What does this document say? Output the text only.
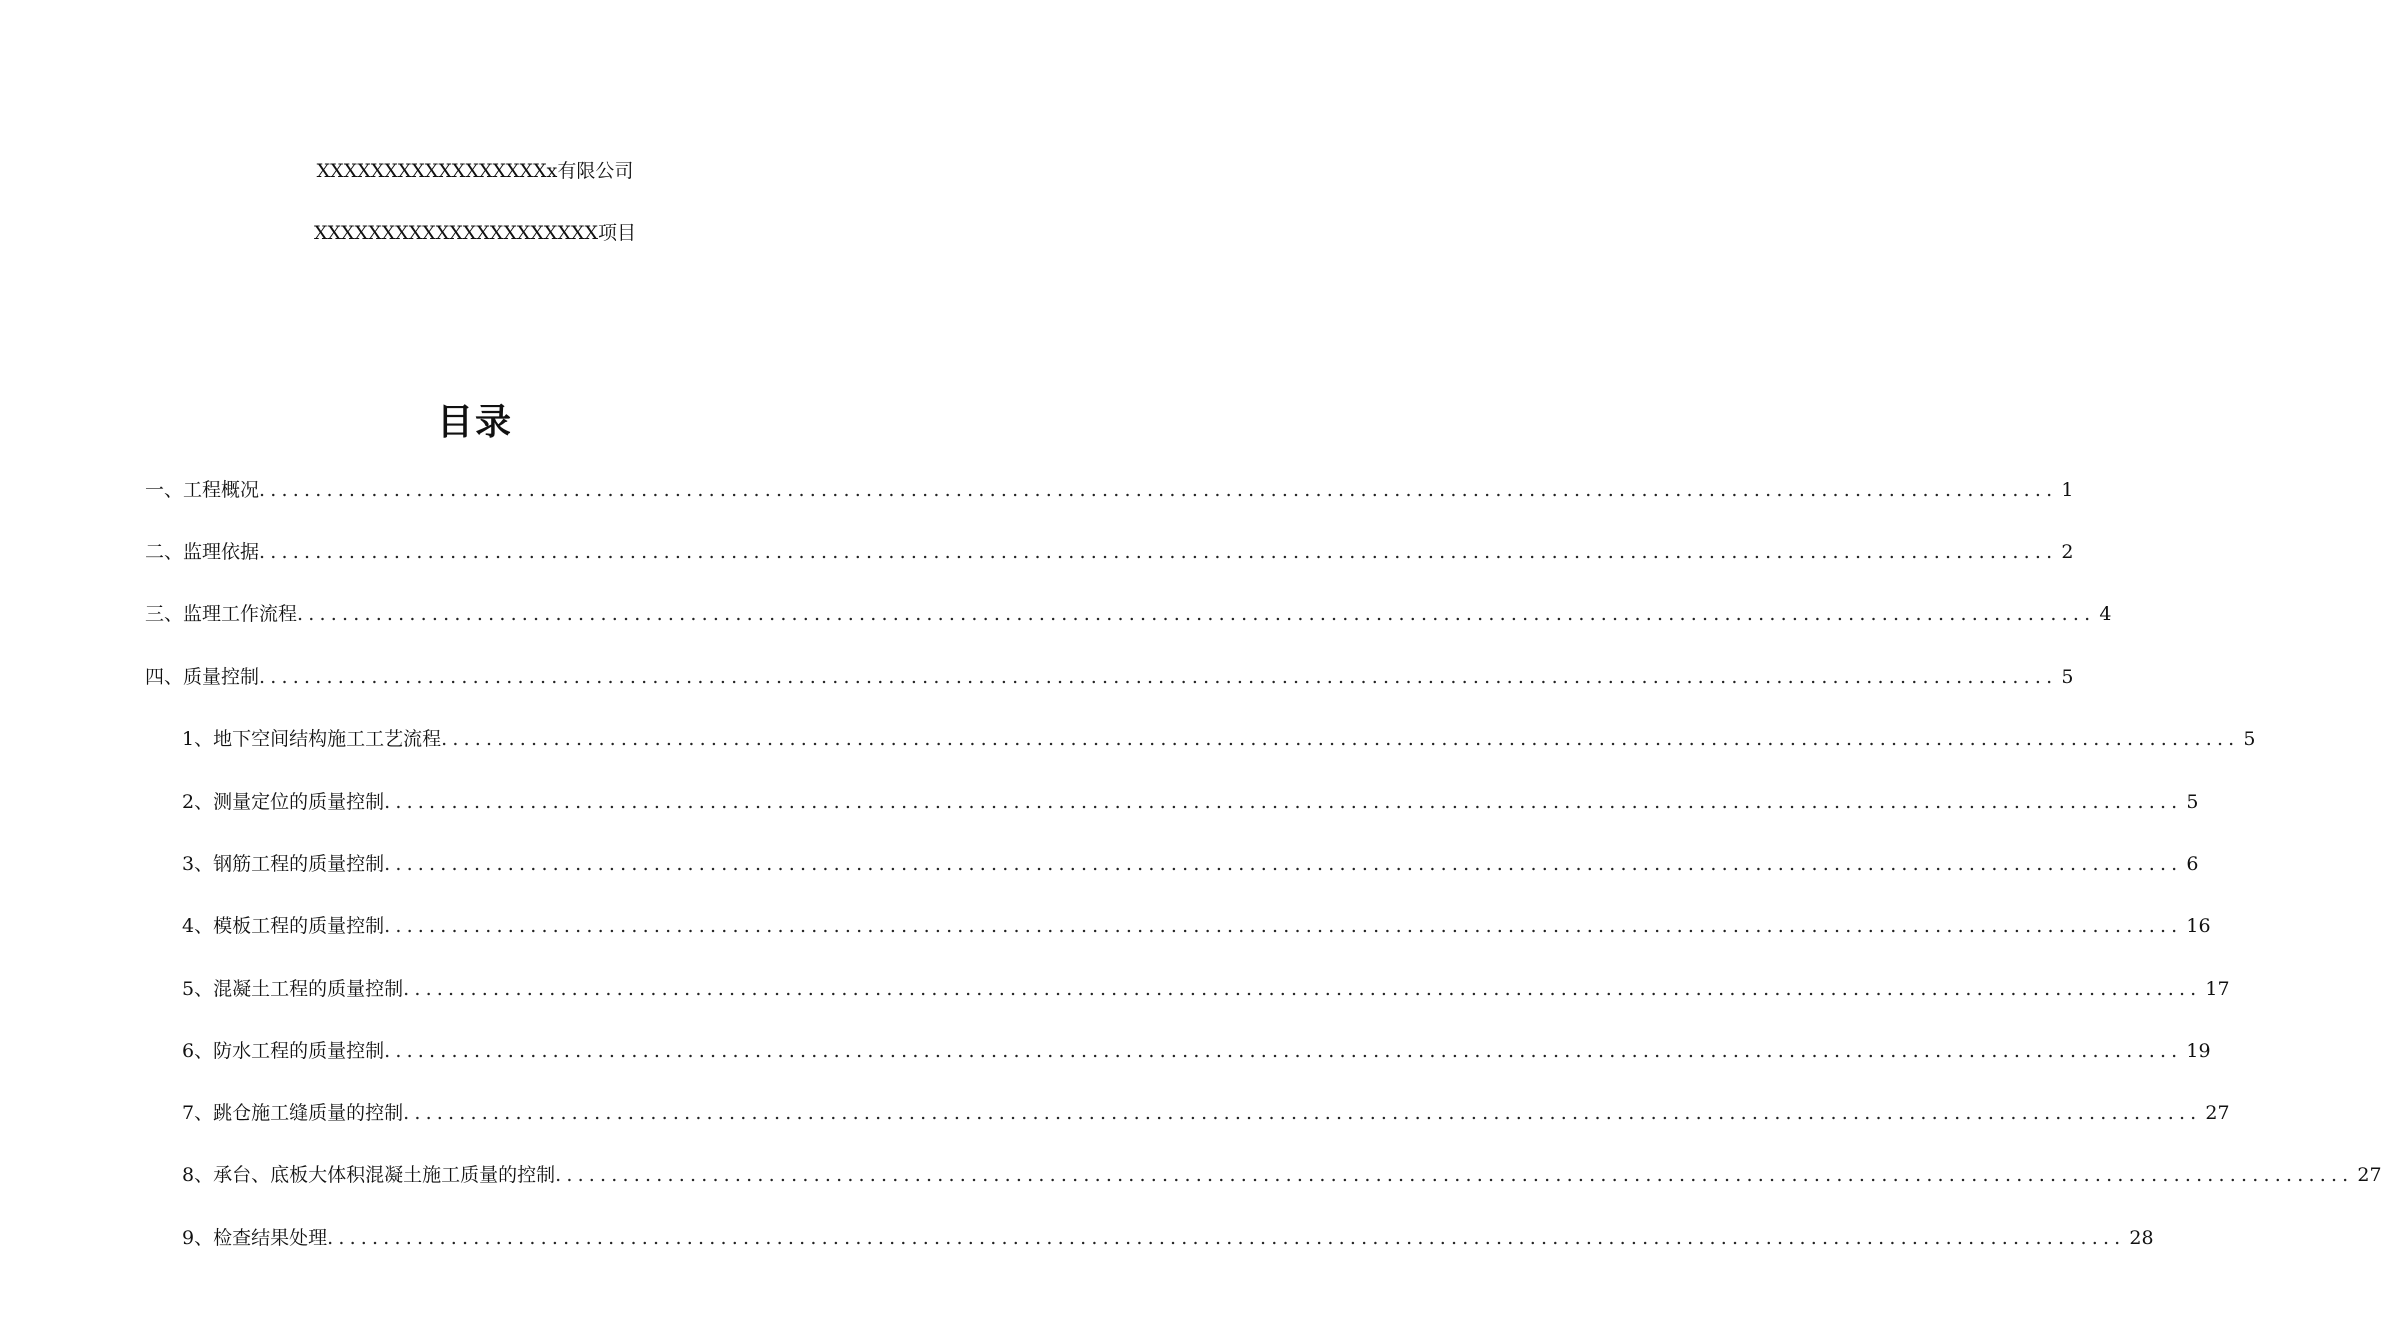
XXXXXXXXXXXXXXXXXx有限公司
XXXXXXXXXXXXXXXXXXXXX项目
目录
一、工程概况 ................................................................................................................................................................ 1
二、监理依据 ................................................................................................................................................................ 2
三、监理工作流程 ................................................................................................................................................................ 4
四、质量控制 ................................................................................................................................................................ 5
1、地下空间结构施工工艺流程 ................................................................................................................................................................ 5
2、测量定位的质量控制 ................................................................................................................................................................ 5
3、钢筋工程的质量控制 ................................................................................................................................................................ 6
4、模板工程的质量控制 ................................................................................................................................................................ 16
5、混凝土工程的质量控制 ................................................................................................................................................................ 17
6、防水工程的质量控制 ................................................................................................................................................................ 19
7、跳仓施工缝质量的控制 ................................................................................................................................................................ 27
8、承台、底板大体积混凝土施工质量的控制 ................................................................................................................................................................ 27
9、检查结果处理 ................................................................................................................................................................ 28
